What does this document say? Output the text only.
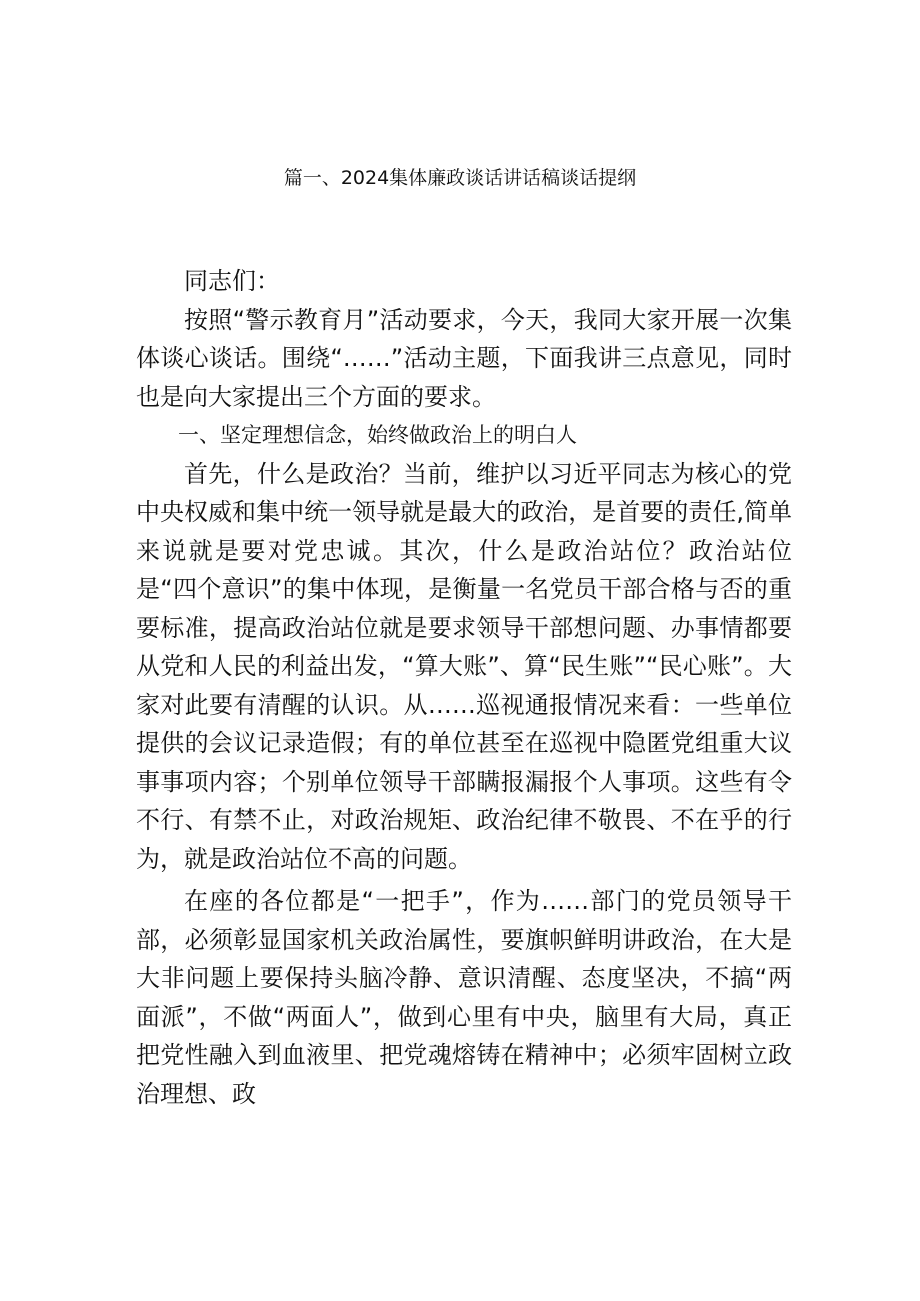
篇一、2024集体廉政谈话讲话稿谈话提纲

同志们：

按照“警示教育月”活动要求，今天，我同大家开展一次集体谈心谈话。围绕“……”活动主题，下面我讲三点意见，同时也是向大家提出三个方面的要求。

一、坚定理想信念，始终做政治上的明白人

首先，什么是政治？当前，维护以习近平同志为核心的党中央权威和集中统一领导就是最大的政治，是首要的责任,简单来说就是要对党忠诚。其次，什么是政治站位？政治站位是“四个意识”的集中体现，是衡量一名党员干部合格与否的重要标准，提高政治站位就是要求领导干部想问题、办事情都要从党和人民的利益出发，“算大账”、算“民生账”“民心账”。大家对此要有清醒的认识。从……巡视通报情况来看：一些单位提供的会议记录造假；有的单位甚至在巡视中隐匿党组重大议事事项内容；个别单位领导干部瞒报漏报个人事项。这些有令不行、有禁不止，对政治规矩、政治纪律不敬畏、不在乎的行为，就是政治站位不高的问题。

在座的各位都是“一把手”，作为……部门的党员领导干部，必须彰显国家机关政治属性，要旗帜鲜明讲政治，在大是大非问题上要保持头脑冷静、意识清醒、态度坚决，不搞“两面派”，不做“两面人”，做到心里有中央，脑里有大局，真正把党性融入到血液里、把党魂熔铸在精神中；必须牢固树立政治理想、政
